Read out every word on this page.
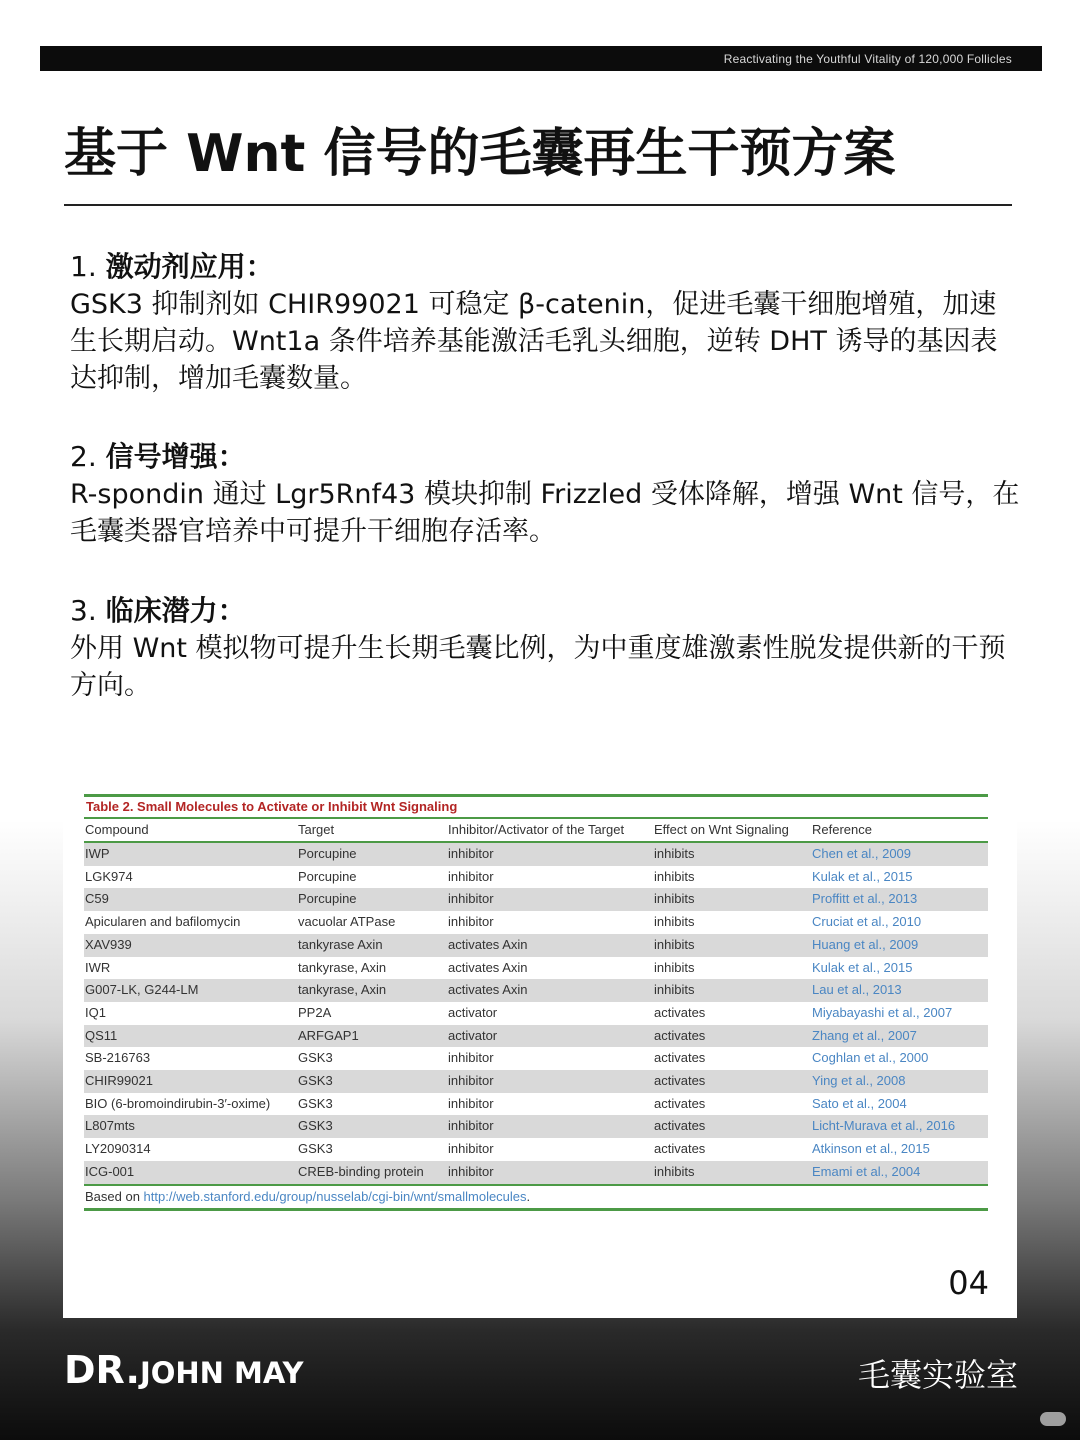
Reactivating the Youthful Vitality of 120,000 Follicles
基于 Wnt 信号的毛囊再生干预方案
1. 激动剂应用：

GSK3 抑制剂如 CHIR99021 可稳定 β-catenin，促进毛囊干细胞增殖，加速生长期启动。Wnt1a 条件培养基能激活毛乳头细胞，逆转 DHT 诱导的基因表达抑制，增加毛囊数量。

2. 信号增强：

R-spondin 通过 Lgr5Rnf43 模块抑制 Frizzled 受体降解，增强 Wnt 信号，在毛囊类器官培养中可提升干细胞存活率。

3. 临床潜力：

外用 Wnt 模拟物可提升生长期毛囊比例，为中重度雄激素性脱发提供新的干预方向。

Table 2. Small Molecules to Activate or Inhibit Wnt Signaling
Compound	Target	Inhibitor/Activator of the Target	Effect on Wnt Signaling	Reference
IWP	Porcupine	inhibitor	inhibits	Chen et al., 2009
LGK974	Porcupine	inhibitor	inhibits	Kulak et al., 2015
C59	Porcupine	inhibitor	inhibits	Proffitt et al., 2013
Apicularen and bafilomycin	vacuolar ATPase	inhibitor	inhibits	Cruciat et al., 2010
XAV939	tankyrase Axin	activates Axin	inhibits	Huang et al., 2009
IWR	tankyrase, Axin	activates Axin	inhibits	Kulak et al., 2015
G007-LK, G244-LM	tankyrase, Axin	activates Axin	inhibits	Lau et al., 2013
IQ1	PP2A	activator	activates	Miyabayashi et al., 2007
QS11	ARFGAP1	activator	activates	Zhang et al., 2007
SB-216763	GSK3	inhibitor	activates	Coghlan et al., 2000
CHIR99021	GSK3	inhibitor	activates	Ying et al., 2008
BIO (6-bromoindirubin-3′-oxime)	GSK3	inhibitor	activates	Sato et al., 2004
L807mts	GSK3	inhibitor	activates	Licht-Murava et al., 2016
LY2090314	GSK3	inhibitor	activates	Atkinson et al., 2015
ICG-001	CREB-binding protein	inhibitor	inhibits	Emami et al., 2004
Based on http://web.stanford.edu/group/nusselab/cgi-bin/wnt/smallmolecules.
04
DR.JOHN MAY	毛囊实验室
